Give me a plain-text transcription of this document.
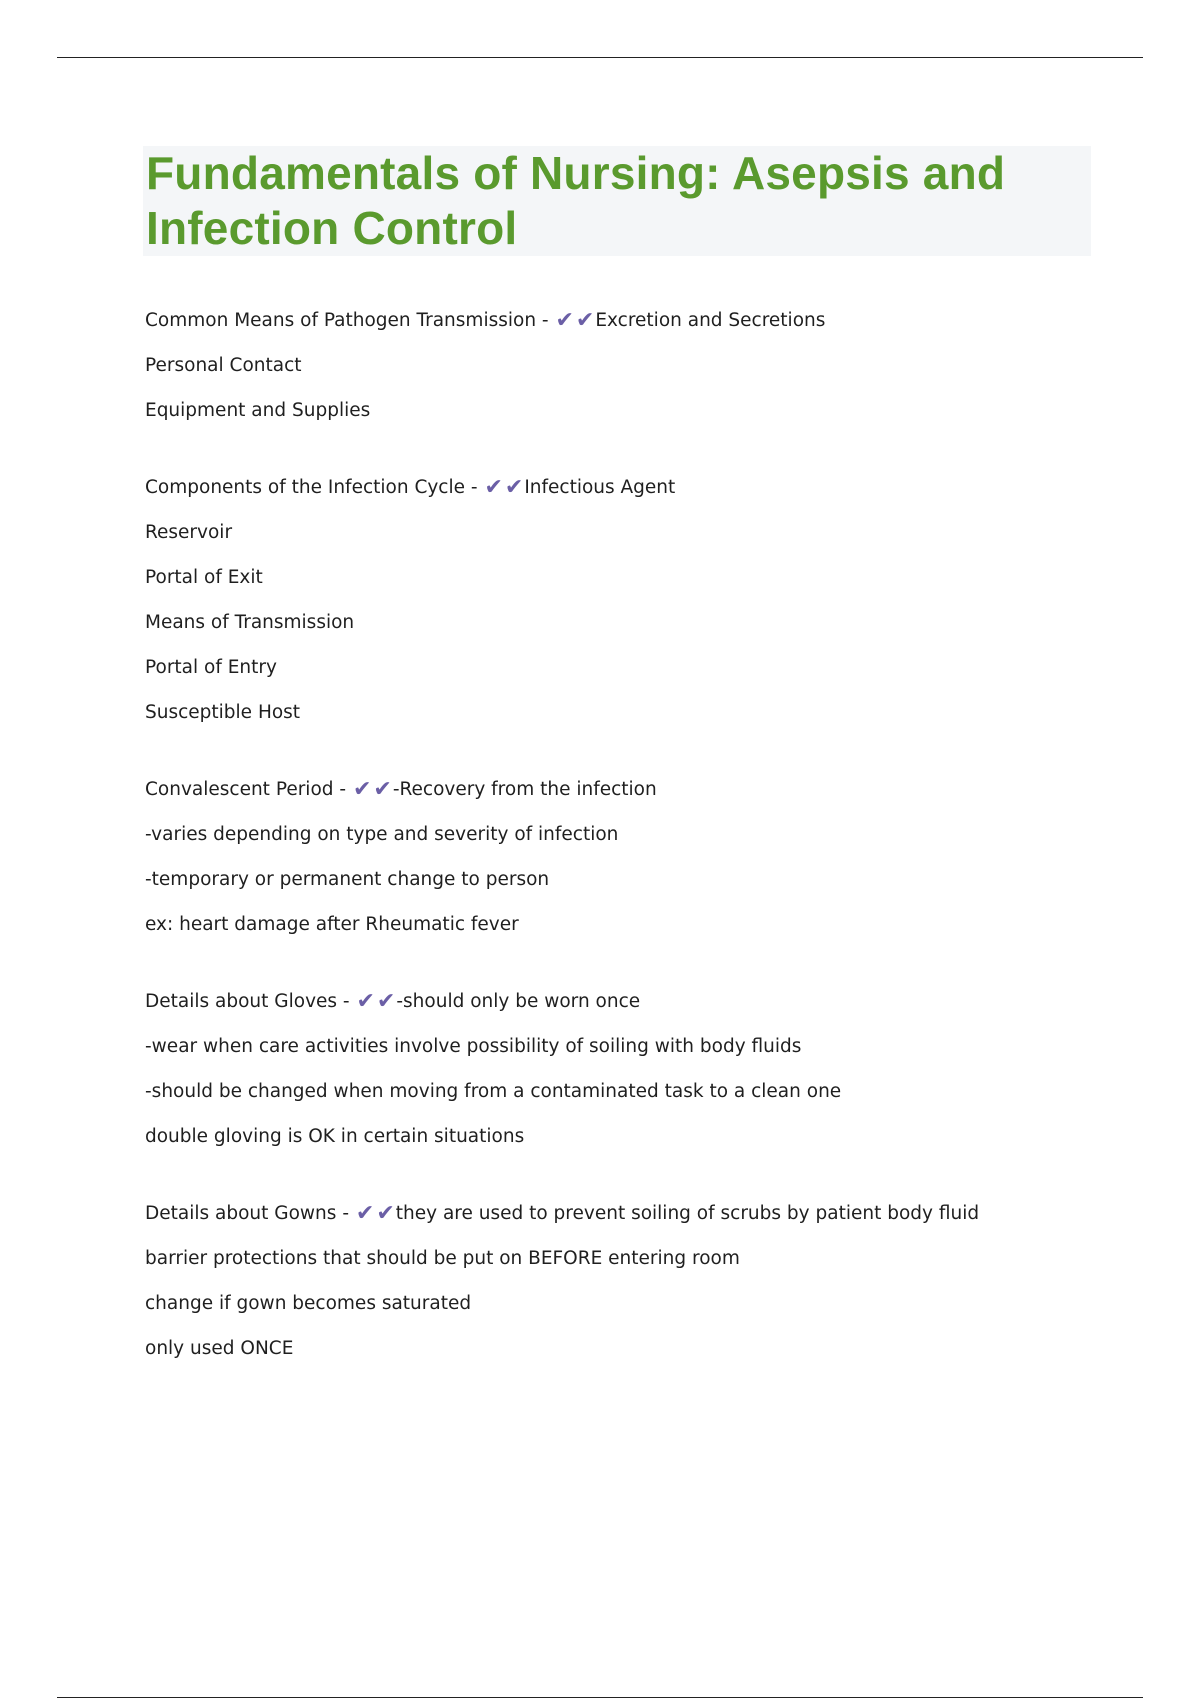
Fundamentals of Nursing: Asepsis and Infection Control
Common Means of Pathogen Transmission - ✔✔Excretion and Secretions
Personal Contact
Equipment and Supplies
Components of the Infection Cycle - ✔✔Infectious Agent
Reservoir
Portal of Exit
Means of Transmission
Portal of Entry
Susceptible Host
Convalescent Period - ✔✔-Recovery from the infection
-varies depending on type and severity of infection
-temporary or permanent change to person
ex: heart damage after Rheumatic fever
Details about Gloves - ✔✔-should only be worn once
-wear when care activities involve possibility of soiling with body fluids
-should be changed when moving from a contaminated task to a clean one
double gloving is OK in certain situations
Details about Gowns - ✔✔they are used to prevent soiling of scrubs by patient body fluid
barrier protections that should be put on BEFORE entering room
change if gown becomes saturated
only used ONCE
